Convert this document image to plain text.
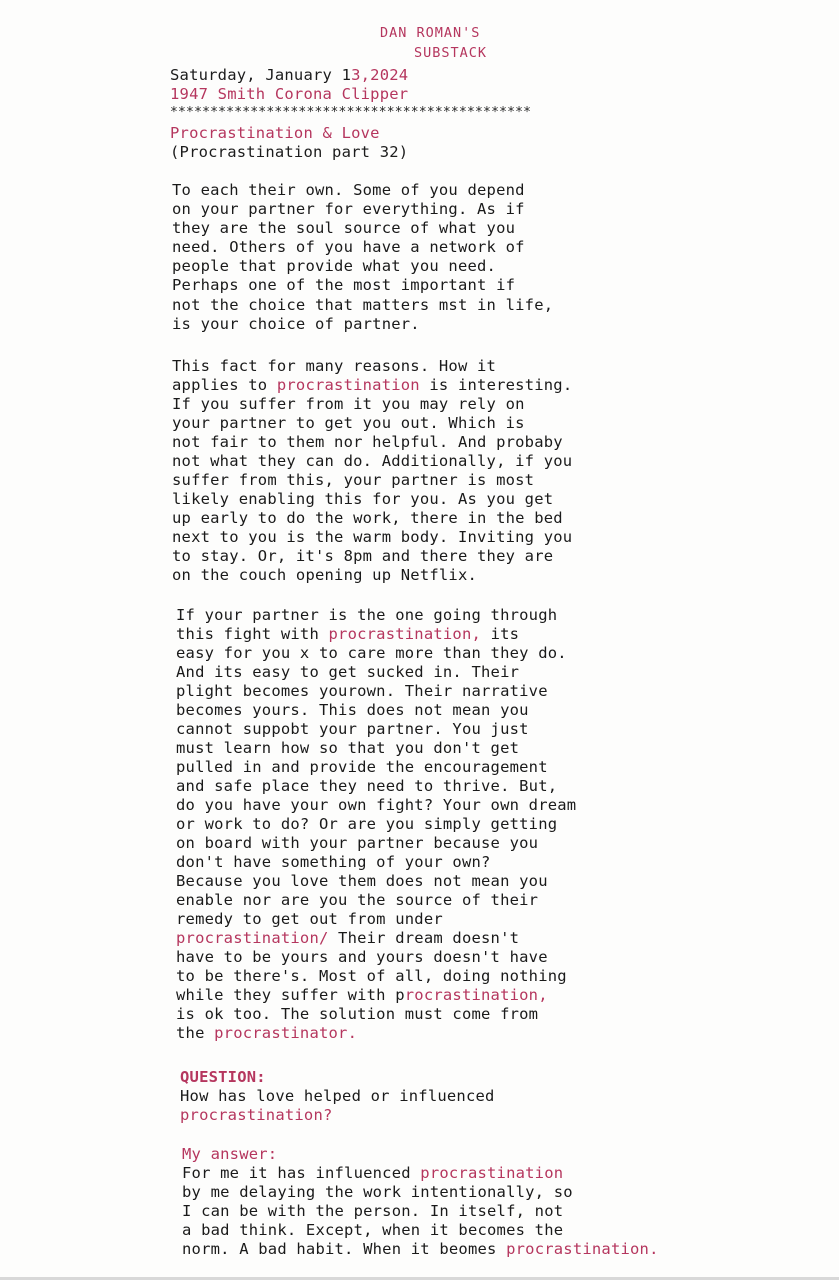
DAN ROMAN'S
SUBSTACK
Saturday, January 13,2024
1947 Smith Corona Clipper
*********************************************
Procrastination & Love
(Procrastination part 32)
To each their own. Some of you depend
on your partner for everything. As if
they are the soul source of what you
need. Others of you have a network of
people that provide what you need.
Perhaps one of the most important if
not the choice that matters mst in life,
is your choice of partner.
This fact for many reasons. How it
applies to procrastination is interesting.
If you suffer from it you may rely on
your partner to get you out. Which is
not fair to them nor helpful. And probaby
not what they can do. Additionally, if you
suffer from this, your partner is most
likely enabling this for you. As you get
up early to do the work, there in the bed
next to you is the warm body. Inviting you
to stay. Or, it's 8pm and there they are
on the couch opening up Netflix.
If your partner is the one going through
this fight with procrastination, its
easy for you x to care more than they do.
And its easy to get sucked in. Their
plight becomes yourown. Their narrative
becomes yours. This does not mean you
cannot suppobt your partner. You just
must learn how so that you don't get
pulled in and provide the encouragement
and safe place they need to thrive. But,
do you have your own fight? Your own dream
or work to do? Or are you simply getting
on board with your partner because you
don't have something of your own?
Because you love them does not mean you
enable nor are you the source of their
remedy to get out from under
procrastination/ Their dream doesn't
have to be yours and yours doesn't have
to be there's. Most of all, doing nothing
while they suffer with procrastination,
is ok too. The solution must come from
the procrastinator.
QUESTION:
How has love helped or influenced
procrastination?
My answer:
For me it has influenced procrastination
by me delaying the work intentionally, so
I can be with the person. In itself, not
a bad think. Except, when it becomes the
norm. A bad habit. When it beomes procrastination.
